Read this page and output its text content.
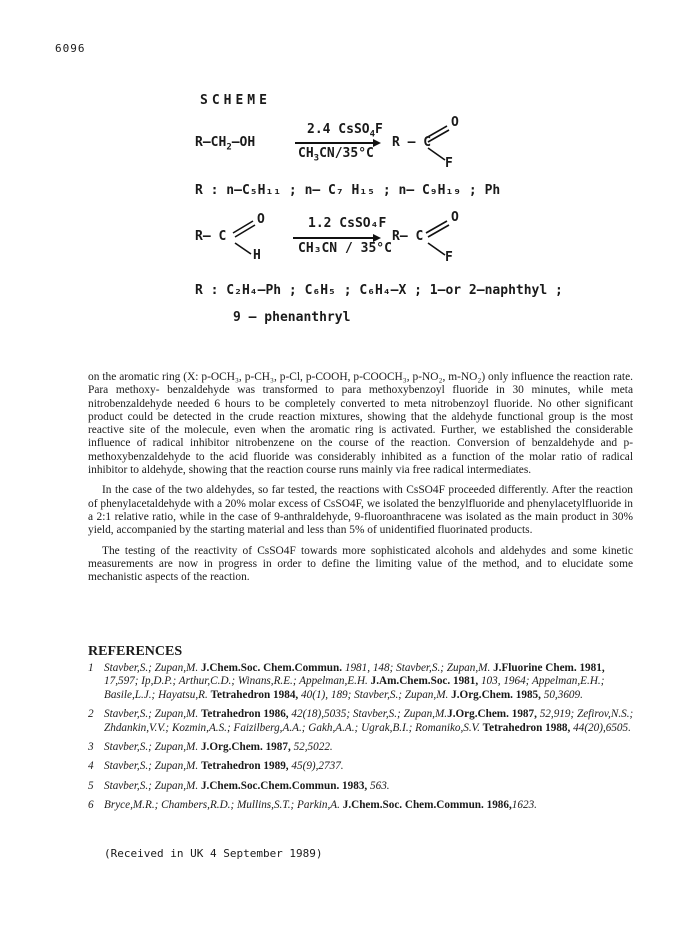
6096
SCHEME
$R—CH_2—OH$
2.4 CsSO$_4$F
$CH_3CN/35^\circ C$
R — C
O
F
R : n—C₅H₁₁ ; n— C₇ H₁₅ ; n— C₉H₁₉ ; Ph
R— C
O
H
1.2 CsSO₄F
CH₃CN / 35°C
R— C
O
F
R : C₂H₄—Ph ; C₆H₅ ; C₆H₄—X ; 1–or 2–naphthyl ;
9 – phenanthryl

on the aromatic ring (X: p-OCH₃, p-CH₃, p-Cl, p-COOH, p-COOCH₃, p-NO₂, m-NO₂) only influence the reaction rate. Para methoxy- benzaldehyde was transformed to para methoxybenzoyl fluoride in 30 minutes, while meta nitrobenzaldehyde needed 6 hours to be completely converted to meta nitrobenzoyl fluoride. No other significant product could be detected in the crude reaction mixtures, showing that the aldehyde functional group is the most reactive site of the molecule, even when the aromatic ring is activated. Further, we established the considerable influence of radical inhibitor nitrobenzene on the course of the reaction. Conversion of benzaldehyde and p-methoxybenzaldehyde to the acid fluoride was considerably inhibited as a function of the molar ratio of radical inhibitor to aldehyde, showing that the reaction course runs mainly via free radical intermediates.

In the case of the two aldehydes, so far tested, the reactions with CsSO4F proceeded differently. After the reaction of phenylacetaldehyde with a 20% molar excess of CsSO4F, we isolated the benzylfluoride and phenylacetylfluoride in a 2:1 relative ratio, while in the case of 9-anthraldehyde, 9-fluoroanthracene was isolated as the main product in 30% yield, accompanied by the starting material and less than 5% of unidentified fluorinated products.

The testing of the reactivity of CsSO4F towards more sophisticated alcohols and aldehydes and some kinetic measurements are now in progress in order to define the limiting value of the method, and to elucidate some mechanistic aspects of the reaction.

REFERENCES
1 Stavber,S.; Zupan,M. J.Chem.Soc. Chem.Commun. 1981, 148; Stavber,S.; Zupan,M. J.Fluorine Chem. 1981, 17,597; Ip,D.P.; Arthur,C.D.; Winans,R.E.; Appelman,E.H. J.Am.Chem.Soc. 1981, 103, 1964; Appelman,E.H.; Basile,L.J.; Hayatsu,R. Tetrahedron 1984, 40(1), 189; Stavber,S.; Zupan,M. J.Org.Chem. 1985, 50,3609.
2 Stavber,S.; Zupan,M. Tetrahedron 1986, 42(18),5035; Stavber,S.; Zupan,M.J.Org.Chem. 1987, 52,919; Zefirov,N.S.; Zhdankin,V.V.; Kozmin,A.S.; Faizilberg,A.A.; Gakh,A.A.; Ugrak,B.I.; Romaniko,S.V. Tetrahedron 1988, 44(20),6505.
3 Stavber,S.; Zupan,M. J.Org.Chem. 1987, 52,5022.
4 Stavber,S.; Zupan,M. Tetrahedron 1989, 45(9),2737.
5 Stavber,S.; Zupan,M. J.Chem.Soc.Chem.Commun. 1983, 563.
6 Bryce,M.R.; Chambers,R.D.; Mullins,S.T.; Parkin,A. J.Chem.Soc. Chem.Commun. 1986,1623.
(Received in UK 4 September 1989)
